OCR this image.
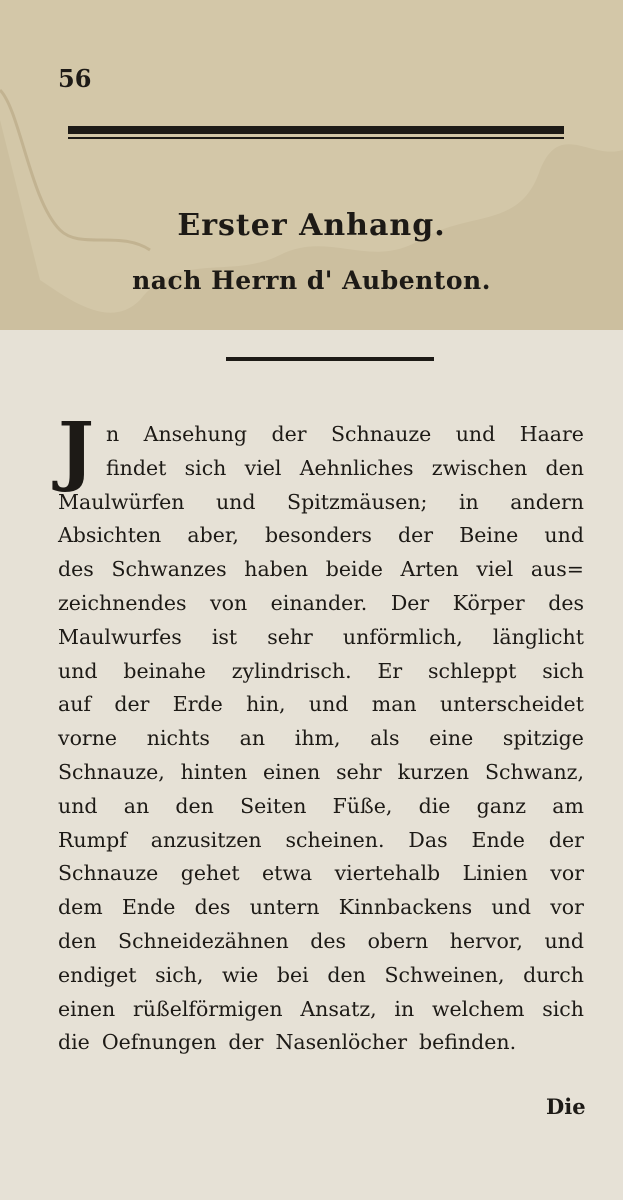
56
Erster Anhang.
nach Herrn d' Aubenton.
J n Ansehung der Schnauze und Haare
findet sich viel Aehnliches zwischen den
Maulwürfen und Spitzmäusen; in andern
Absichten aber, besonders der Beine und
des Schwanzes haben beide Arten viel aus=
zeichnendes von einander. Der Körper des
Maulwurfes ist sehr unförmlich, länglicht
und beinahe zylindrisch. Er schleppt sich
auf der Erde hin, und man unterscheidet
vorne nichts an ihm, als eine spitzige
Schnauze, hinten einen sehr kurzen Schwanz,
und an den Seiten Füße, die ganz am
Rumpf anzusitzen scheinen. Das Ende der
Schnauze gehet etwa viertehalb Linien vor
dem Ende des untern Kinnbackens und vor
den Schneidezähnen des obern hervor, und
endiget sich, wie bei den Schweinen, durch
einen rüßelförmigen Ansatz, in welchem sich
die Oefnungen der Nasenlöcher befinden.
Die
